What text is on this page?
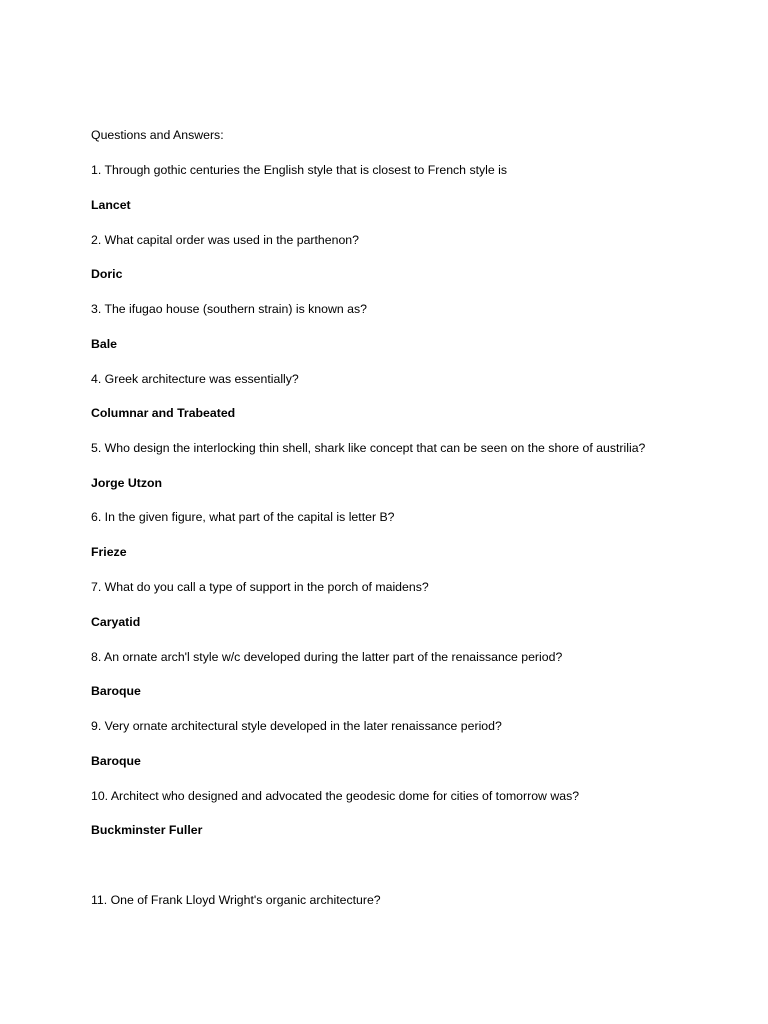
Questions and Answers:
1. Through gothic centuries the English style that is closest to French style is
Lancet
2. What capital order was used in the parthenon?
Doric
3. The ifugao house (southern strain) is known as?
Bale
4. Greek architecture was essentially?
Columnar and Trabeated
5. Who design the interlocking thin shell, shark like concept that can be seen on the shore of austrilia?
Jorge Utzon
6. In the given figure, what part of the capital is letter B?
Frieze
7. What do you call a type of support in the porch of maidens?
Caryatid
8. An ornate arch'l style w/c developed during the latter part of the renaissance period?
Baroque
9. Very ornate architectural style developed in the later renaissance period?
Baroque
10. Architect who designed and advocated the geodesic dome for cities of tomorrow was?
Buckminster Fuller
11. One of Frank Lloyd Wright's organic architecture?
